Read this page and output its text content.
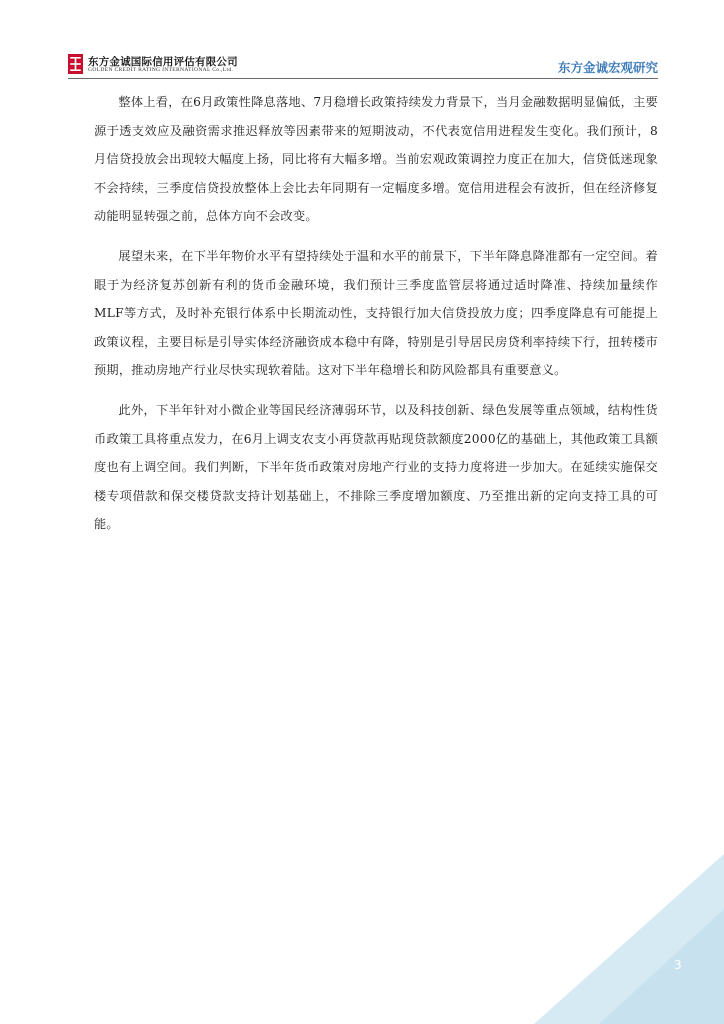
东方金诚国际信用评估有限公司
GOLDEN CREDIT RATING INTERNATIONAL Co.,Ltd.	东方金诚宏观研究

整体上看，在6月政策性降息落地、7月稳增长政策持续发力背景下，当月金融数据明显偏低，主要源于透支效应及融资需求推迟释放等因素带来的短期波动，不代表宽信用进程发生变化。我们预计，8月信贷投放会出现较大幅度上扬，同比将有大幅多增。当前宏观政策调控力度正在加大，信贷低迷现象不会持续，三季度信贷投放整体上会比去年同期有一定幅度多增。宽信用进程会有波折，但在经济修复动能明显转强之前，总体方向不会改变。

展望未来，在下半年物价水平有望持续处于温和水平的前景下，下半年降息降准都有一定空间。着眼于为经济复苏创新有利的货币金融环境，我们预计三季度监管层将通过适时降准、持续加量续作MLF等方式，及时补充银行体系中长期流动性，支持银行加大信贷投放力度；四季度降息有可能提上政策议程，主要目标是引导实体经济融资成本稳中有降，特别是引导居民房贷利率持续下行，扭转楼市预期，推动房地产行业尽快实现软着陆。这对下半年稳增长和防风险都具有重要意义。

此外，下半年针对小微企业等国民经济薄弱环节，以及科技创新、绿色发展等重点领域，结构性货币政策工具将重点发力，在6月上调支农支小再贷款再贴现贷款额度2000亿的基础上，其他政策工具额度也有上调空间。我们判断，下半年货币政策对房地产行业的支持力度将进一步加大。在延续实施保交楼专项借款和保交楼贷款支持计划基础上，不排除三季度增加额度、乃至推出新的定向支持工具的可能。

3
